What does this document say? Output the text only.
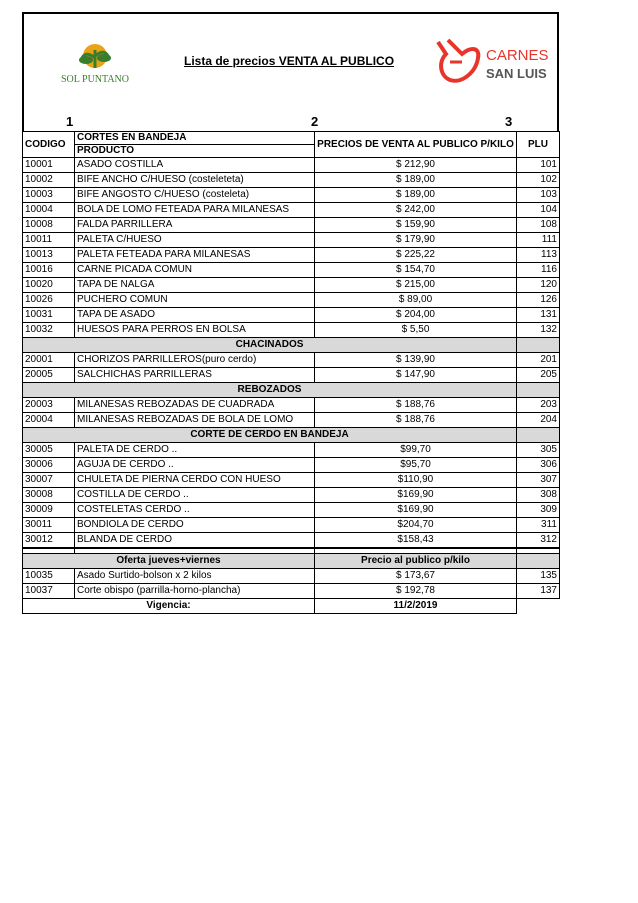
SOL PUNTANO
Lista de precios VENTA AL PUBLICO	CARNES
SAN LUIS
1	2	3
CODIGO	CORTES EN BANDEJA	PRECIOS DE VENTA AL PUBLICO P/KILO	PLU
	PRODUCTO		
10001	ASADO COSTILLA	$ 212,90	101
10002	BIFE ANCHO C/HUESO (costeleteta)	$ 189,00	102
10003	BIFE ANGOSTO C/HUESO (costeleta)	$ 189,00	103
10004	BOLA DE LOMO FETEADA PARA MILANESAS	$ 242,00	104
10008	FALDA PARRILLERA	$ 159,90	108
10011	PALETA C/HUESO	$ 179,90	111
10013	PALETA FETEADA PARA MILANESAS	$ 225,22	113
10016	CARNE PICADA COMUN	$ 154,70	116
10020	TAPA DE NALGA	$ 215,00	120
10026	PUCHERO COMUN	$ 89,00	126
10031	TAPA DE ASADO	$ 204,00	131
10032	HUESOS PARA PERROS EN BOLSA	$ 5,50	132
CHACINADOS			
20001	CHORIZOS PARRILLEROS(puro cerdo)	$ 139,90	201
20005	SALCHICHAS PARRILLERAS	$ 147,90	205
REBOZADOS			
20003	MILANESAS REBOZADAS DE CUADRADA	$ 188,76	203
20004	MILANESAS REBOZADAS DE BOLA DE LOMO	$ 188,76	204
CORTE DE CERDO EN BANDEJA			
30005	PALETA DE CERDO ..	$99,70	305
30006	AGUJA DE CERDO ..	$95,70	306
30007	CHULETA DE PIERNA CERDO CON HUESO	$110,90	307
30008	COSTILLA DE CERDO ..	$169,90	308
30009	COSTELETAS CERDO ..	$169,90	309
30011	BONDIOLA DE CERDO	$204,70	311
30012	BLANDA DE CERDO	$158,43	312

Oferta jueves+viernes		Precio al publico p/kilo	
10035	Asado Surtido-bolson x 2 kilos	$ 173,67	135
10037	Corte obispo (parrilla-horno-plancha)	$ 192,78	137
Vigencia:		11/2/2019	
